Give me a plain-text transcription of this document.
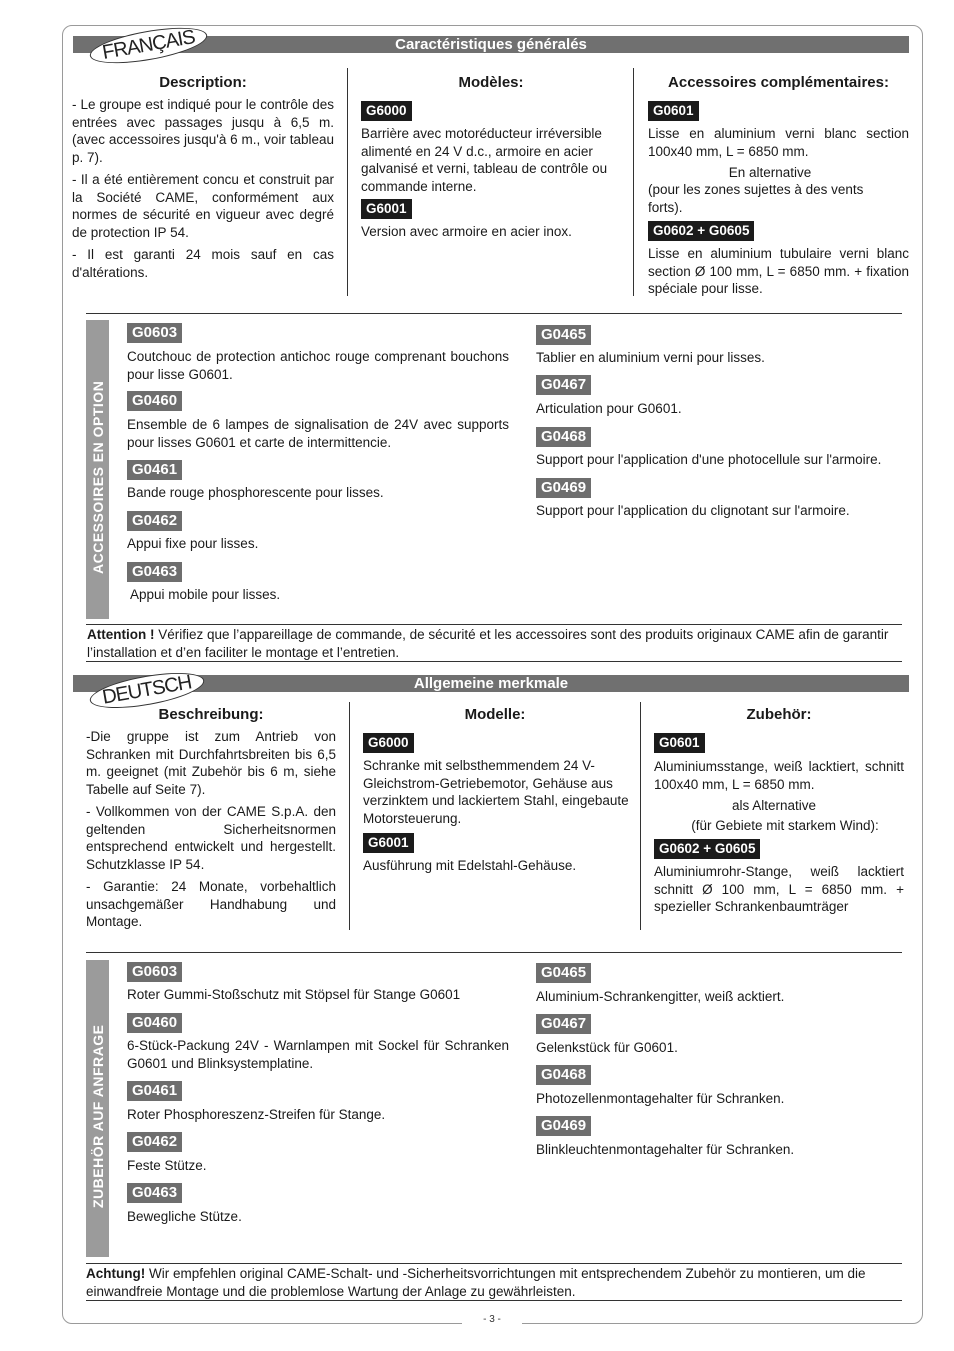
Caractéristiques généralés
FRANÇAIS
Description:

- Le groupe est indiqué pour le contrôle des entrées avec passages jusqu à 6,5 m. (avec accessoires jusqu'à 6 m., voir tableau p. 7).

- Il a été entièrement concu et construit par la Société CAME, conformément aux normes de sécurité en vigueur avec degré de protection IP 54.

- Il est garanti 24 mois sauf en cas d'altérations.

Modèles:
G6000
Barrière avec motoréducteur irréversible alimenté en 24 V d.c., armoire en acier galvanisé et verni, tableau de contrôle ou commande interne.
G6001
Version avec armoire en acier inox.
Accessoires complémentaires:
G0601
Lisse en aluminium verni blanc section 100x40 mm, L = 6850 mm.
En alternative
(pour les zones sujettes à des vents forts).
G0602 + G0605
Lisse en aluminium tubulaire verni blanc section Ø 100 mm, L = 6850 mm. + fixation spéciale pour lisse.
ACCESSOIRES EN OPTION
G0603
Coutchouc de protection antichoc rouge comprenant bouchons pour lisse G0601.
G0460
Ensemble de 6 lampes de signalisation de 24V avec supports pour lisses G0601 et carte de intermittencie.
G0461
Bande rouge phosphorescente pour lisses.
G0462
Appui fixe pour lisses.
G0463
Appui mobile pour lisses.
G0465
Tablier en aluminium verni pour lisses.
G0467
Articulation pour G0601.
G0468
Support pour l'application d'une photocellule sur l'armoire.
G0469
Support pour l'application du clignotant sur l'armoire.
Attention ! Vérifiez que l’appareillage de commande, de sécurité et les accessoires sont des produits originaux CAME afin de garantir l’installation et d’en faciliter le montage et l’entretien.
Allgemeine merkmale
DEUTSCH
Beschreibung:

-Die gruppe ist zum Antrieb von Schranken mit Durchfahrtsbreiten bis 6,5 m. geeignet (mit Zubehör bis 6 m, siehe Tabelle auf Seite 7).

- Vollkommen von der CAME S.p.A. den geltenden Sicherheitsnormen entsprechend entwickelt und hergestellt. Schutzklasse IP 54.

- Garantie: 24 Monate, vorbehaltlich unsachgemäßer Handhabung und Montage.

Modelle:
G6000
Schranke mit selbsthemmendem 24 V-Gleichstrom-Getriebemotor, Gehäuse aus verzinktem und lackiertem Stahl, eingebaute Motorsteuerung.
G6001
Ausführung mit Edelstahl-Gehäuse.
Zubehör:
G0601
Aluminiumsstange, weiß lacktiert, schnitt 100x40 mm, L = 6850 mm.
als Alternative
(für Gebiete mit starkem Wind):
G0602 + G0605
Aluminiumrohr-Stange, weiß lacktiert schnitt Ø 100 mm, L = 6850 mm. + spezieller Schrankenbaumträger
ZUBEHÖR AUF ANFRAGE
G0603
Roter Gummi-Stoßschutz mit Stöpsel für Stange G0601
G0460
6-Stück-Packung 24V - Warnlampen mit Sockel für Schranken G0601 und Blinksystemplatine.
G0461
Roter Phosphoreszenz-Streifen für Stange.
G0462
Feste Stütze.
G0463
Bewegliche Stütze.
G0465
Aluminium-Schrankengitter, weiß acktiert.
G0467
Gelenkstück für G0601.
G0468
Photozellenmontagehalter für Schranken.
G0469
Blinkleuchtenmontagehalter für Schranken.
Achtung! Wir empfehlen original CAME-Schalt- und -Sicherheitsvorrichtungen mit entsprechendem Zubehör zu montieren, um die einwandfreie Montage und die problemlose Wartung der Anlage zu gewährleisten.
- 3 -
